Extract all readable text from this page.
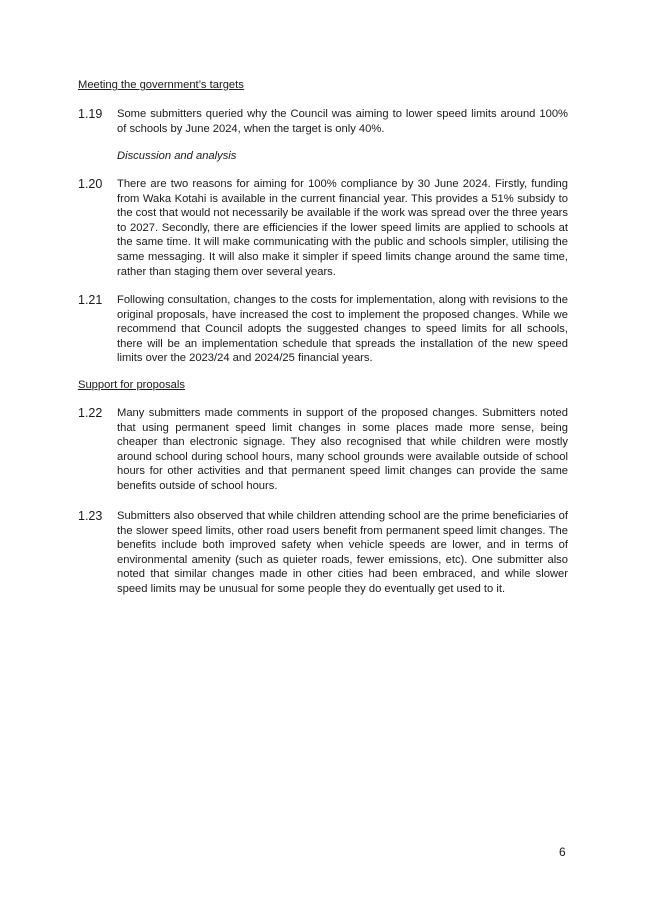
Meeting the government’s targets
1.19 Some submitters queried why the Council was aiming to lower speed limits around 100% of schools by June 2024, when the target is only 40%.
Discussion and analysis
1.20 There are two reasons for aiming for 100% compliance by 30 June 2024. Firstly, funding from Waka Kotahi is available in the current financial year. This provides a 51% subsidy to the cost that would not necessarily be available if the work was spread over the three years to 2027. Secondly, there are efficiencies if the lower speed limits are applied to schools at the same time. It will make communicating with the public and schools simpler, utilising the same messaging. It will also make it simpler if speed limits change around the same time, rather than staging them over several years.
1.21 Following consultation, changes to the costs for implementation, along with revisions to the original proposals, have increased the cost to implement the proposed changes. While we recommend that Council adopts the suggested changes to speed limits for all schools, there will be an implementation schedule that spreads the installation of the new speed limits over the 2023/24 and 2024/25 financial years.
Support for proposals
1.22 Many submitters made comments in support of the proposed changes. Submitters noted that using permanent speed limit changes in some places made more sense, being cheaper than electronic signage. They also recognised that while children were mostly around school during school hours, many school grounds were available outside of school hours for other activities and that permanent speed limit changes can provide the same benefits outside of school hours.
1.23 Submitters also observed that while children attending school are the prime beneficiaries of the slower speed limits, other road users benefit from permanent speed limit changes. The benefits include both improved safety when vehicle speeds are lower, and in terms of environmental amenity (such as quieter roads, fewer emissions, etc). One submitter also noted that similar changes made in other cities had been embraced, and while slower speed limits may be unusual for some people they do eventually get used to it.
6
